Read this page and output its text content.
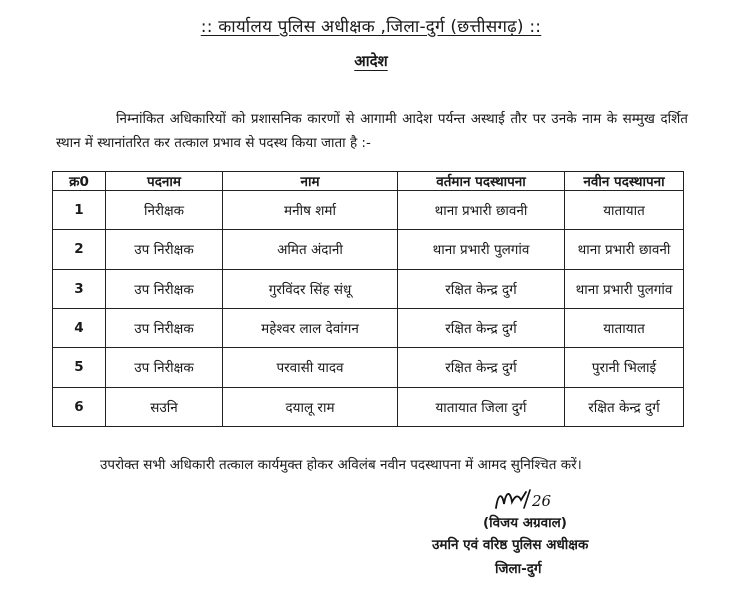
:: कार्यालय पुलिस अधीक्षक ,जिला-दुर्ग (छत्तीसगढ़) ::
आदेश
निम्नांकित अधिकारियों को प्रशासनिक कारणों से आगामी आदेश पर्यन्त अस्थाई तौर पर उनके नाम के सम्मुख दर्शित स्थान में स्थानांतरित कर तत्काल प्रभाव से पदस्थ किया जाता है :-
क्र0	पदनाम	नाम	वर्तमान पदस्थापना	नवीन पदस्थापना
1	निरीक्षक	मनीष शर्मा	थाना प्रभारी छावनी	यातायात
2	उप निरीक्षक	अमित अंदानी	थाना प्रभारी पुलगांव	थाना प्रभारी छावनी
3	उप निरीक्षक	गुरविंदर सिंह संधू	रक्षित केन्द्र दुर्ग	थाना प्रभारी पुलगांव
4	उप निरीक्षक	महेश्वर लाल देवांगन	रक्षित केन्द्र दुर्ग	यातायात
5	उप निरीक्षक	परवासी यादव	रक्षित केन्द्र दुर्ग	पुरानी भिलाई
6	सउनि	दयालू राम	यातायात जिला दुर्ग	रक्षित केन्द्र दुर्ग
उपरोक्त सभी अधिकारी तत्काल कार्यमुक्त होकर अविलंब नवीन पदस्थापना में आमद सुनिश्चित करें।
26
(विजय अग्रवाल)
उमनि एवं वरिष्ठ पुलिस अधीक्षक
जिला-दुर्ग
